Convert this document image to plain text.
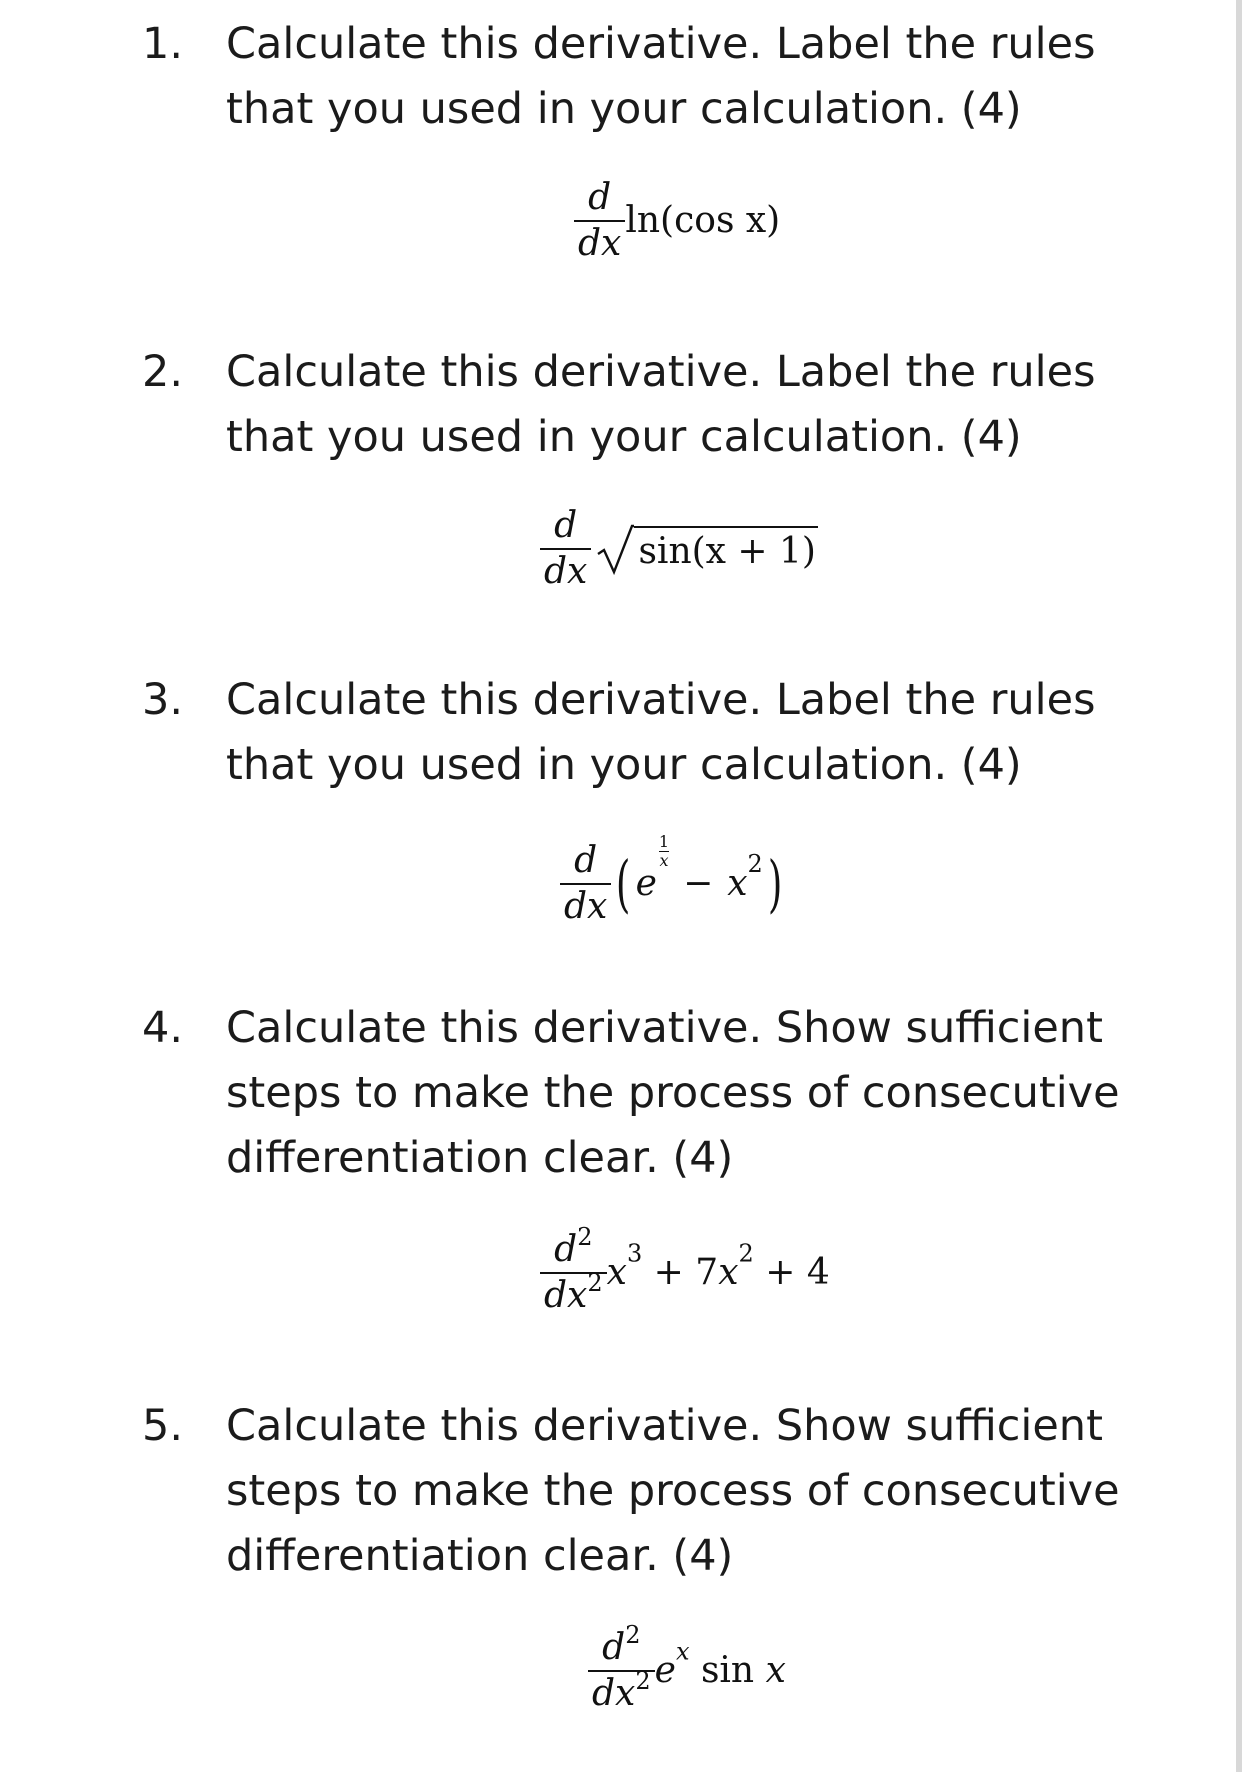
1. Calculate this derivative. Label the rules
that you used in your calculation. (4)
$\frac{d}{dx} \ln(\cos$ x)
2. Calculate this derivative. Label the rules
that you used in your calculation. (4)
$\frac{d}{dx}$
sin(x + 1)
3. Calculate this derivative. Label the rules
that you used in your calculation. (4)
$\frac{d}{dx}$ ( e
$\frac{1}{x}$
− $x^2$)
4. Calculate this derivative. Show sufficient
steps to make the process of consecutive
differentiation clear. (4)
$\frac{d^2}{dx^2} x^3 + 7x^2 + 4$
5. Calculate this derivative. Show sufficient
steps to make the process of consecutive
differentiation clear. (4)
$\frac{d^2}{dx^2} e^x$ sin x
